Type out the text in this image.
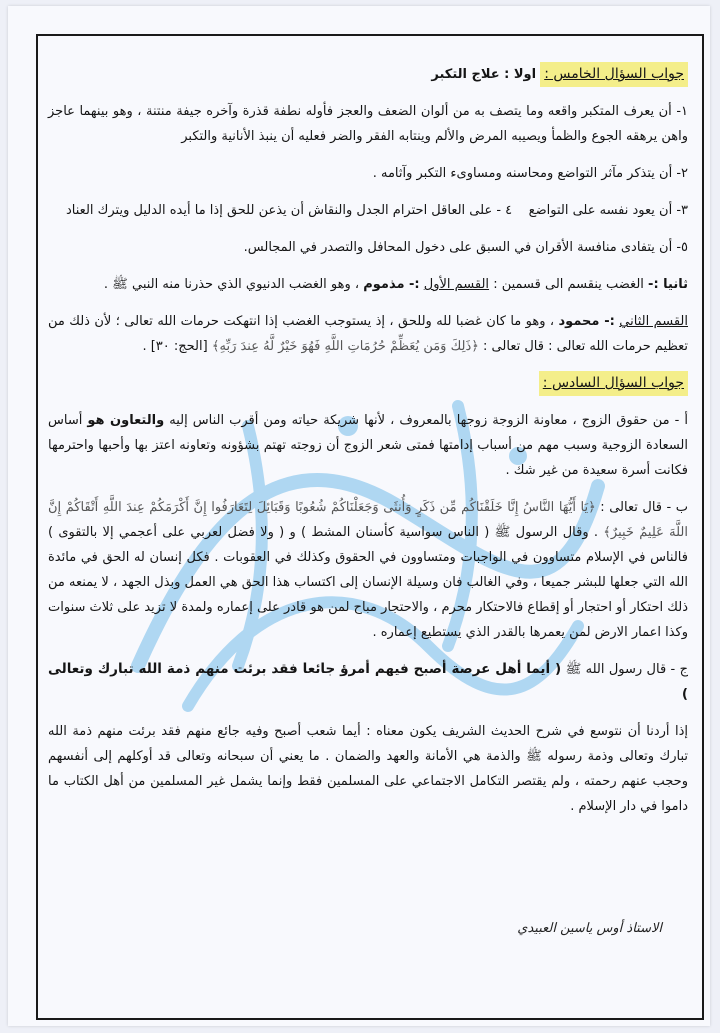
جواب السؤال الخامس : اولا : علاج التكبر
١- أن يعرف المتكبر واقعه وما يتصف به من ألوان الضعف والعجز فأوله نطفة قذرة وآخره جيفة منتنة ، وهو بينهما عاجز واهن يرهقه الجوع والظمأ ويصيبه المرض والألم وينتابه الفقر والضر فعليه أن ينبذ الأنانية والتكبر
٢- أن يتذكر مآثر التواضع ومحاسنه ومساوىء التكبر وآثامه .
٣- أن يعود نفسه على التواضع    ٤ - على العاقل احترام الجدل والنقاش أن يذعن للحق إذا ما أيده الدليل ويترك العناد
٥- أن يتفادى منافسة الأقران في السبق على دخول المحافل والتصدر في المجالس.
ثانيا :- الغضب ينقسم الى قسمين : القسم الأول :- مذموم ، وهو الغضب الدنيوي الذي حذرنا منه النبي ﷺ .
القسم الثاني :- محمود ، وهو ما كان غضبا لله وللحق ، إذ يستوجب الغضب إذا انتهكت حرمات الله تعالى ؛ لأن ذلك من تعظيم حرمات الله تعالى : قال تعالى : ﴿ذَلِكَ وَمَن يُعَظِّمْ حُرُمَاتِ اللَّهِ فَهُوَ خَيْرٌ لَّهُ عِندَ رَبِّهِ﴾ [الحج: ٣٠] .
جواب السؤال السادس :
أ - من حقوق الزوج ، معاونة الزوجة زوجها بالمعروف ، لأنها شريكة حياته ومن أقرب الناس إليه والتعاون هو أساس السعادة الزوجية وسبب مهم من أسباب إدامتها فمتى شعر الزوج أن زوجته تهتم بشؤونه وتعاونه اعتز بها وأحبها واحترمها فكانت أسرة سعيدة من غير شك .
ب - قال تعالى : ﴿يَا أَيُّهَا النَّاسُ إِنَّا خَلَقْنَاكُم مِّن ذَكَرٍ وَأُنثَى وَجَعَلْنَاكُمْ شُعُوبًا وَقَبَائِلَ لِتَعَارَفُوا إِنَّ أَكْرَمَكُمْ عِندَ اللَّهِ أَتْقَاكُمْ إِنَّ اللَّهَ عَلِيمٌ خَبِيرٌ﴾ . وقال الرسول ﷺ ( الناس سواسية كأسنان المشط ) و ( ولا فضل لعربي على أعجمي إلا بالتقوى ) فالناس في الإسلام متساوون في الواجبات ومتساوون في الحقوق وكذلك في العقوبات . فكل إنسان له الحق في مائدة الله التي جعلها للبشر جميعا ، وفي الغالب فان وسيلة الإنسان إلى اكتساب هذا الحق هي العمل وبذل الجهد ، لا يمنعه من ذلك احتكار أو احتجار أو إقطاع فالاحتكار محرم ، والاحتجار مباح لمن هو قادر على إعماره ولمدة لا تزيد على ثلاث سنوات وكذا اعمار الارض لمن يعمرها بالقدر الذي يستطيع إعماره .
ج - قال رسول الله ﷺ ( أيما أهل عرصة أصبح فيهم أمرؤ جائعا فقد برئت منهم ذمة الله تبارك وتعالى )
إذا أردنا أن نتوسع في شرح الحديث الشريف يكون معناه : أيما شعب أصبح وفيه جائع منهم فقد برئت منهم ذمة الله تبارك وتعالى وذمة رسوله ﷺ والذمة هي الأمانة والعهد والضمان . ما يعني أن سبحانه وتعالى قد أوكلهم إلى أنفسهم وحجب عنهم رحمته ، ولم يقتصر التكامل الاجتماعي على المسلمين فقط وإنما يشمل غير المسلمين من أهل الكتاب ما داموا في دار الإسلام .
الاستاذ أوس ياسين العبيدي
